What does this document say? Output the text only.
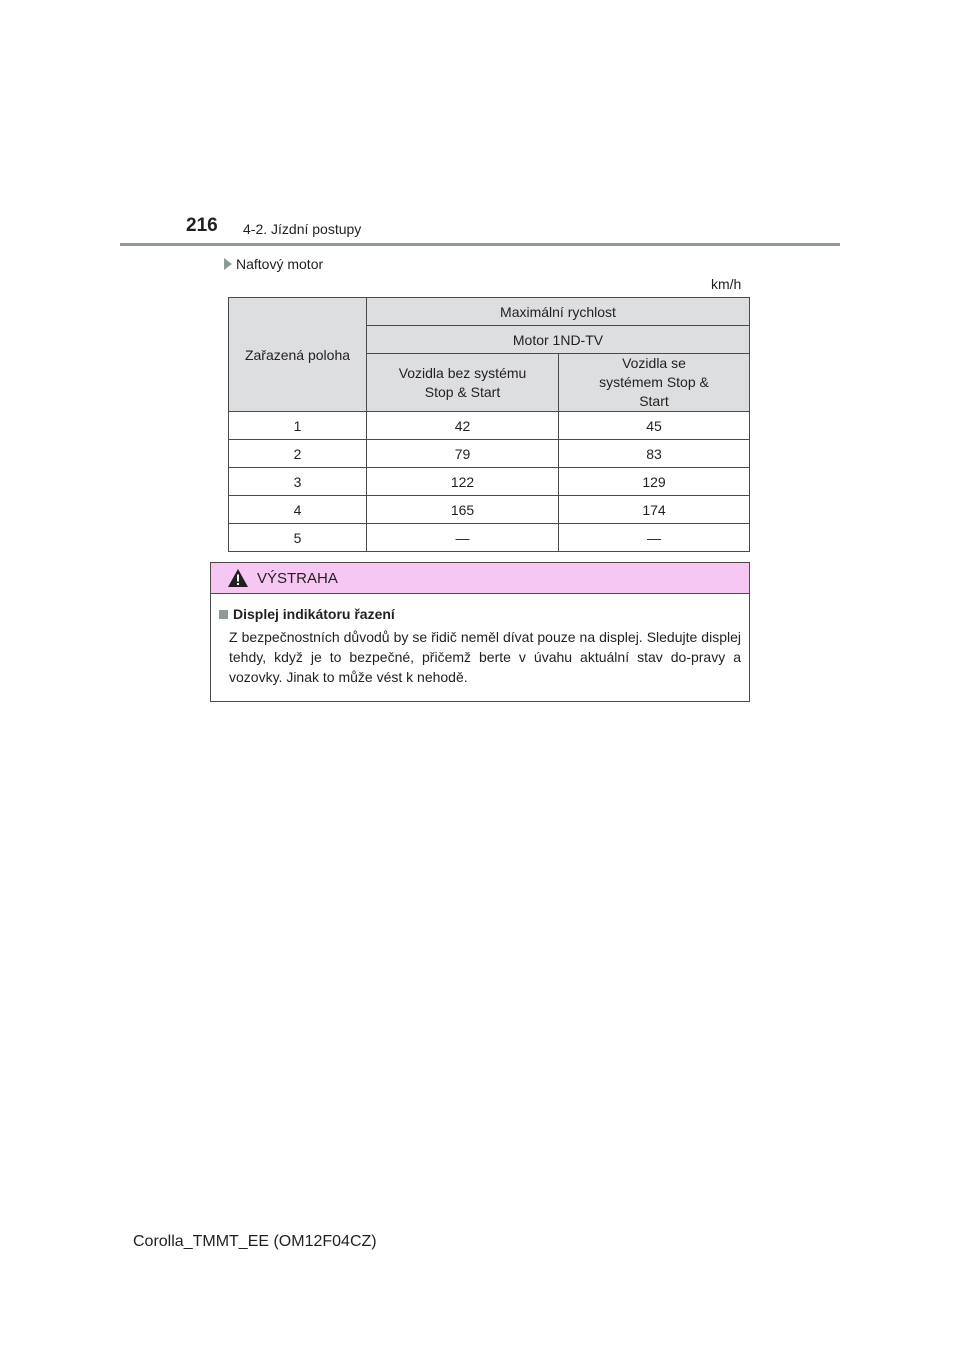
216 4-2. Jízdní postupy
Naftový motor
km/h
Zařazená poloha	Maximální rychlost	
	Motor 1ND-TV	

	Vozidla bez systému Stop & Start	Vozidla se systémem Stop & Start

1	42	45
2	79	83
3	122	129
4	165	174
5	—	—
VÝSTRAHA
Displej indikátoru řazení
Z bezpečnostních důvodů by se řidič neměl dívat pouze na displej. Sledujte displej tehdy, když je to bezpečné, přičemž berte v úvahu aktuální stav do-pravy a vozovky. Jinak to může vést k nehodě.
Corolla_TMMT_EE (OM12F04CZ)
